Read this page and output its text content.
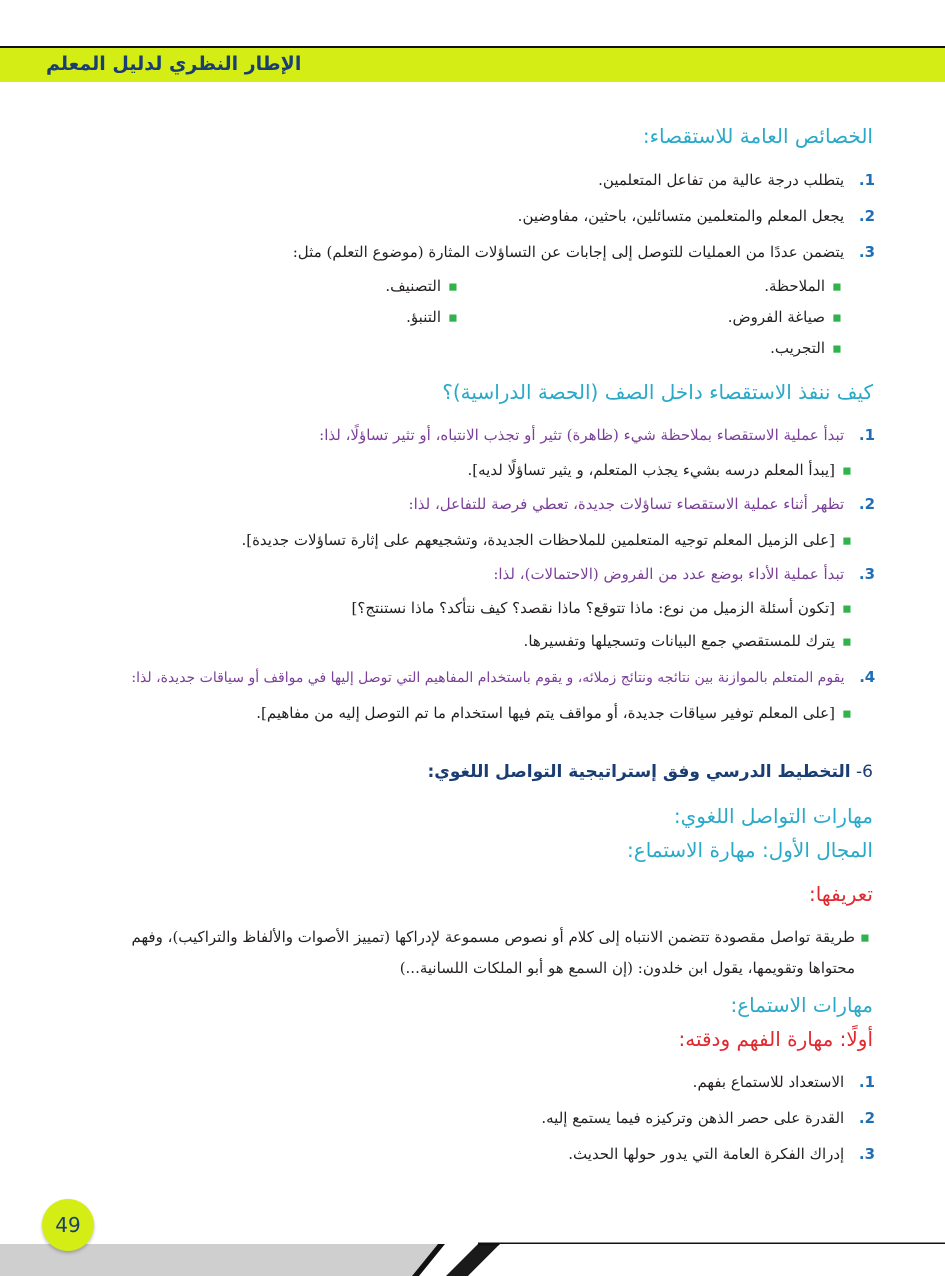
الإطار النظري لدليل المعلم
الخصائص العامة للاستقصاء:
1. يتطلب درجة عالية من تفاعل المتعلمين.
2. يجعل المعلم والمتعلمين متسائلين، باحثين، مفاوضين.
3. يتضمن عددًا من العمليات للتوصل إلى إجابات عن التساؤلات المثارة (موضوع التعلم) مثل:
◼الملاحظة.
◼التصنيف.
◼صياغة الفروض.
◼التنبؤ.
◼التجريب.
كيف ننفذ الاستقصاء داخل الصف (الحصة الدراسية)؟
1. تبدأ عملية الاستقصاء بملاحظة شيء (ظاهرة) تثير أو تجذب الانتباه، أو تثير تساؤلًا، لذا:
◼[يبدأ المعلم درسه بشيء يجذب المتعلم، و يثير تساؤلًا لديه].
2. تظهر أثناء عملية الاستقصاء تساؤلات جديدة، تعطي فرصة للتفاعل، لذا:
◼[على الزميل المعلم توجيه المتعلمين للملاحظات الجديدة، وتشجيعهم على إثارة تساؤلات جديدة].
3. تبدأ عملية الأداء بوضع عدد من الفروض (الاحتمالات)، لذا:
◼[تكون أسئلة الزميل من نوع: ماذا تتوقع؟ ماذا نقصد؟ كيف نتأكد؟ ماذا نستنتج؟]
◼يترك للمستقصي جمع البيانات وتسجيلها وتفسيرها.
4. يقوم المتعلم بالموازنة بين نتائجه ونتائج زملائه، و يقوم باستخدام المفاهيم التي توصل إليها في مواقف أو سياقات جديدة، لذا:
◼[على المعلم توفير سياقات جديدة، أو مواقف يتم فيها استخدام ما تم التوصل إليه من مفاهيم].
6- التخطيط الدرسي وفق إستراتيجية التواصل اللغوي:
مهارات التواصل اللغوي:
المجال الأول: مهارة الاستماع:
تعريفها:
◼طريقة تواصل مقصودة تتضمن الانتباه إلى كلام أو نصوص مسموعة لإدراكها (تمييز الأصوات والألفاظ والتراكيب)، وفهم
محتواها وتقويمها، يقول ابن خلدون: (إن السمع هو أبو الملكات اللسانية...)
مهارات الاستماع:
أولًا: مهارة الفهم ودقته:
1. الاستعداد للاستماع بفهم.
2. القدرة على حصر الذهن وتركيزه فيما يستمع إليه.
3. إدراك الفكرة العامة التي يدور حولها الحديث.
49
